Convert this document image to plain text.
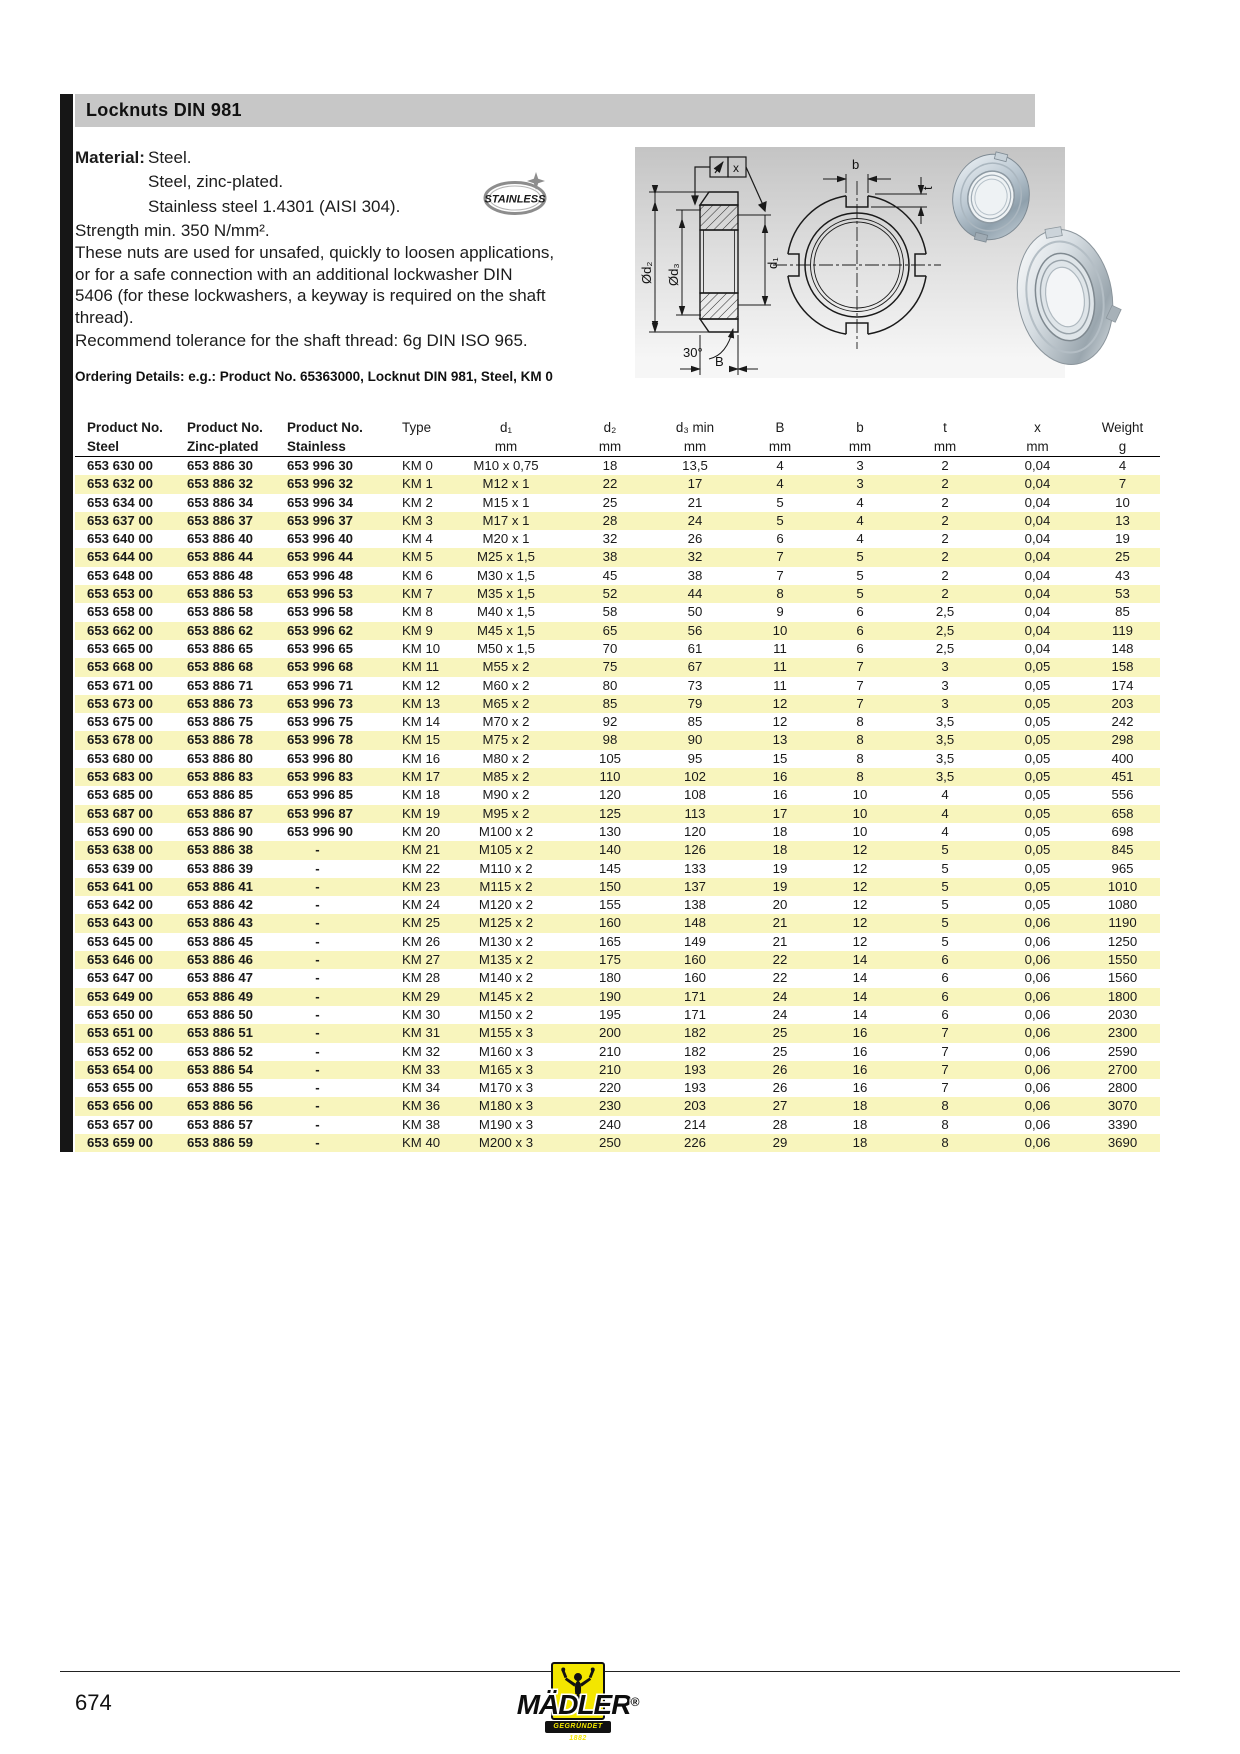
Locknuts DIN 981
Material: Steel.
Steel, zinc-plated.
Stainless steel 1.4301 (AISI 304).
Strength min. 350 N/mm².
These nuts are used for unsafed, quickly to loosen applications,
or for a safe connection with an additional lockwasher DIN
5406 (for these lockwashers, a keyway is required on the shaft
thread).
Recommend tolerance for the shaft thread: 6g DIN ISO 965.
Ordering Details: e.g.: Product No. 65363000, Locknut DIN 981, Steel, KM 0
STAINLESS
Ød₂ Ød₃
d₁
x
30°
B
b
t
Product No.	Product No.	Product No.	Type	d₁	d₂	d₃ min	B	b	t	x	Weight
Steel	Zinc-plated	Stainless		mm	mm	mm	mm	mm	mm	mm	g
653 630 00	653 886 30	653 996 30	KM 0	M10 x 0,75	18	13,5	4	3	2	0,04	4
653 632 00	653 886 32	653 996 32	KM 1	M12 x 1	22	17	4	3	2	0,04	7
653 634 00	653 886 34	653 996 34	KM 2	M15 x 1	25	21	5	4	2	0,04	10
653 637 00	653 886 37	653 996 37	KM 3	M17 x 1	28	24	5	4	2	0,04	13
653 640 00	653 886 40	653 996 40	KM 4	M20 x 1	32	26	6	4	2	0,04	19
653 644 00	653 886 44	653 996 44	KM 5	M25 x 1,5	38	32	7	5	2	0,04	25
653 648 00	653 886 48	653 996 48	KM 6	M30 x 1,5	45	38	7	5	2	0,04	43
653 653 00	653 886 53	653 996 53	KM 7	M35 x 1,5	52	44	8	5	2	0,04	53
653 658 00	653 886 58	653 996 58	KM 8	M40 x 1,5	58	50	9	6	2,5	0,04	85
653 662 00	653 886 62	653 996 62	KM 9	M45 x 1,5	65	56	10	6	2,5	0,04	119
653 665 00	653 886 65	653 996 65	KM 10	M50 x 1,5	70	61	11	6	2,5	0,04	148
653 668 00	653 886 68	653 996 68	KM 11	M55 x 2	75	67	11	7	3	0,05	158
653 671 00	653 886 71	653 996 71	KM 12	M60 x 2	80	73	11	7	3	0,05	174
653 673 00	653 886 73	653 996 73	KM 13	M65 x 2	85	79	12	7	3	0,05	203
653 675 00	653 886 75	653 996 75	KM 14	M70 x 2	92	85	12	8	3,5	0,05	242
653 678 00	653 886 78	653 996 78	KM 15	M75 x 2	98	90	13	8	3,5	0,05	298
653 680 00	653 886 80	653 996 80	KM 16	M80 x 2	105	95	15	8	3,5	0,05	400
653 683 00	653 886 83	653 996 83	KM 17	M85 x 2	110	102	16	8	3,5	0,05	451
653 685 00	653 886 85	653 996 85	KM 18	M90 x 2	120	108	16	10	4	0,05	556
653 687 00	653 886 87	653 996 87	KM 19	M95 x 2	125	113	17	10	4	0,05	658
653 690 00	653 886 90	653 996 90	KM 20	M100 x 2	130	120	18	10	4	0,05	698
653 638 00	653 886 38	-	KM 21	M105 x 2	140	126	18	12	5	0,05	845
653 639 00	653 886 39	-	KM 22	M110 x 2	145	133	19	12	5	0,05	965
653 641 00	653 886 41	-	KM 23	M115 x 2	150	137	19	12	5	0,05	1010
653 642 00	653 886 42	-	KM 24	M120 x 2	155	138	20	12	5	0,05	1080
653 643 00	653 886 43	-	KM 25	M125 x 2	160	148	21	12	5	0,06	1190
653 645 00	653 886 45	-	KM 26	M130 x 2	165	149	21	12	5	0,06	1250
653 646 00	653 886 46	-	KM 27	M135 x 2	175	160	22	14	6	0,06	1550
653 647 00	653 886 47	-	KM 28	M140 x 2	180	160	22	14	6	0,06	1560
653 649 00	653 886 49	-	KM 29	M145 x 2	190	171	24	14	6	0,06	1800
653 650 00	653 886 50	-	KM 30	M150 x 2	195	171	24	14	6	0,06	2030
653 651 00	653 886 51	-	KM 31	M155 x 3	200	182	25	16	7	0,06	2300
653 652 00	653 886 52	-	KM 32	M160 x 3	210	182	25	16	7	0,06	2590
653 654 00	653 886 54	-	KM 33	M165 x 3	210	193	26	16	7	0,06	2700
653 655 00	653 886 55	-	KM 34	M170 x 3	220	193	26	16	7	0,06	2800
653 656 00	653 886 56	-	KM 36	M180 x 3	230	203	27	18	8	0,06	3070
653 657 00	653 886 57	-	KM 38	M190 x 3	240	214	28	18	8	0,06	3390
653 659 00	653 886 59	-	KM 40	M200 x 3	250	226	29	18	8	0,06	3690
674	MÄDLER®
GEGRÜNDET 1882
